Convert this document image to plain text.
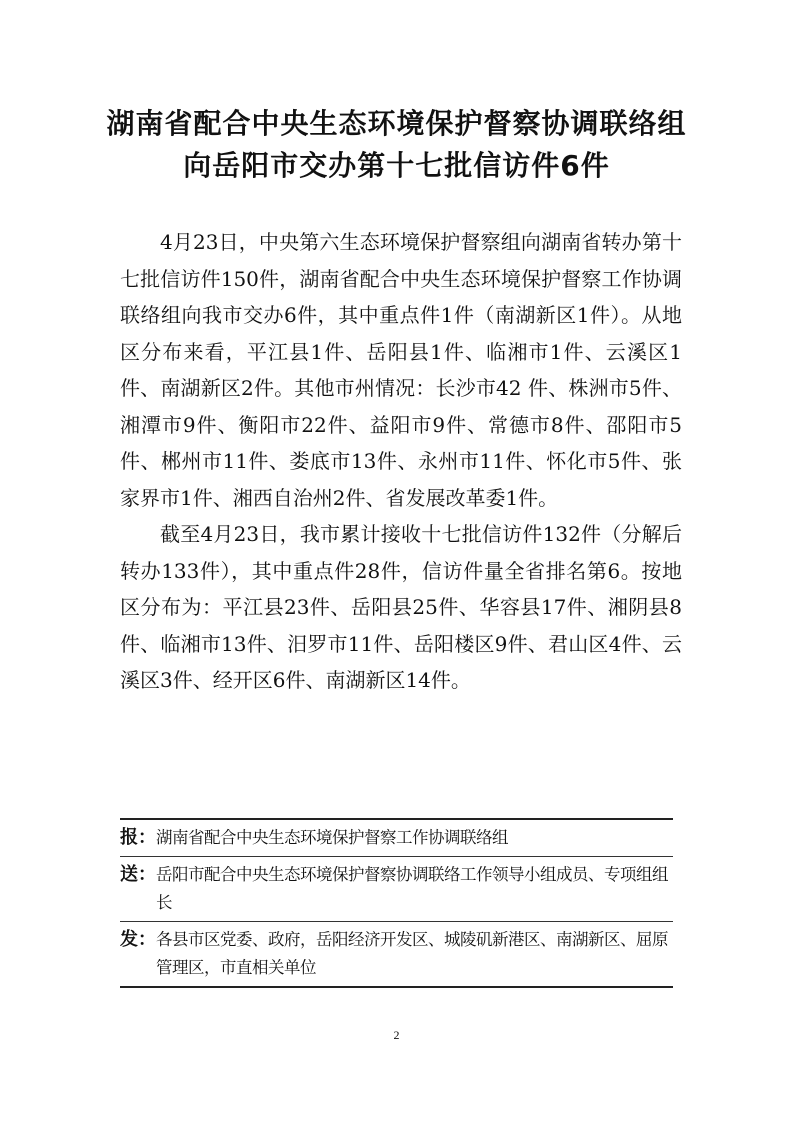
湖南省配合中央生态环境保护督察协调联络组
向岳阳市交办第十七批信访件6件

4月23日，中央第六生态环境保护督察组向湖南省转办第十七批信访件150件，湖南省配合中央生态环境保护督察工作协调联络组向我市交办6件，其中重点件1件（南湖新区1件）。从地区分布来看，平江县1件、岳阳县1件、临湘市1件、云溪区1件、南湖新区2件。其他市州情况：长沙市42 件、株洲市5件、湘潭市9件、衡阳市22件、益阳市9件、常德市8件、邵阳市5件、郴州市11件、娄底市13件、永州市11件、怀化市5件、张家界市1件、湘西自治州2件、省发展改革委1件。

截至4月23日，我市累计接收十七批信访件132件（分解后转办133件），其中重点件28件，信访件量全省排名第6。按地区分布为：平江县23件、岳阳县25件、华容县17件、湘阴县8件、临湘市13件、汨罗市11件、岳阳楼区9件、君山区4件、云溪区3件、经开区6件、南湖新区14件。

报： 湖南省配合中央生态环境保护督察工作协调联络组
送： 岳阳市配合中央生态环境保护督察协调联络工作领导小组成员、专项组组长
发： 各县市区党委、政府，岳阳经济开发区、城陵矶新港区、南湖新区、屈原管理区，市直相关单位
2
